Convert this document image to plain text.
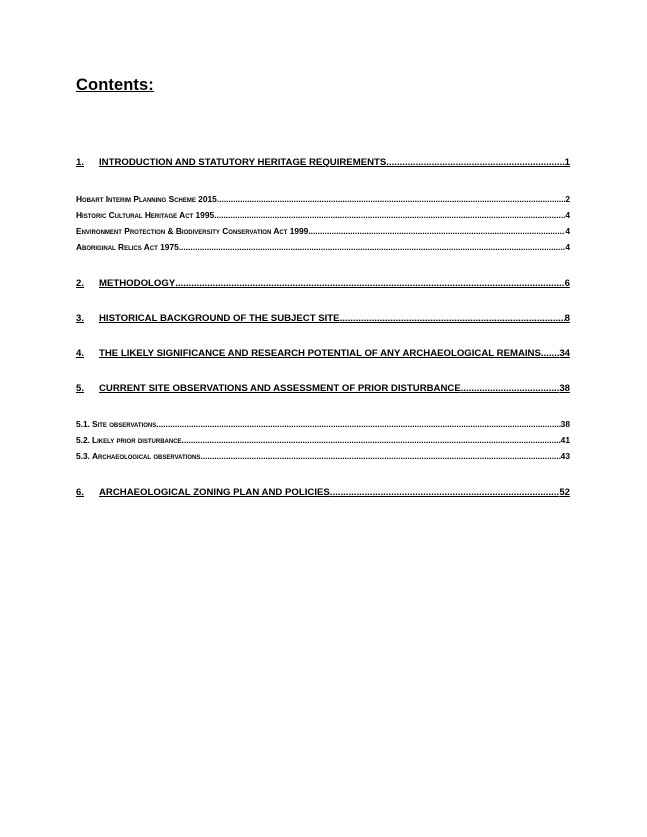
Contents:
1.	INTRODUCTION AND STATUTORY HERITAGE REQUIREMENTS .....	1
Hobart Interim Planning Scheme 2015 .....	2
Historic Cultural Heritage Act 1995 .....	4
Environment Protection & Biodiversity Conservation Act 1999 .....	4
Aboriginal Relics Act 1975 .....	4
2.	METHODOLOGY .....	6
3.	HISTORICAL BACKGROUND OF THE SUBJECT SITE .....	8
4.	THE LIKELY SIGNIFICANCE AND RESEARCH POTENTIAL OF ANY ARCHAEOLOGICAL REMAINS ..... 34
5.	CURRENT SITE OBSERVATIONS AND ASSESSMENT OF PRIOR DISTURBANCE .....	38
5.1. Site observations .....	38
5.2. Likely prior disturbance .....	41
5.3. Archaeological observations .....	43
6.	ARCHAEOLOGICAL ZONING PLAN AND POLICIES .....	52
